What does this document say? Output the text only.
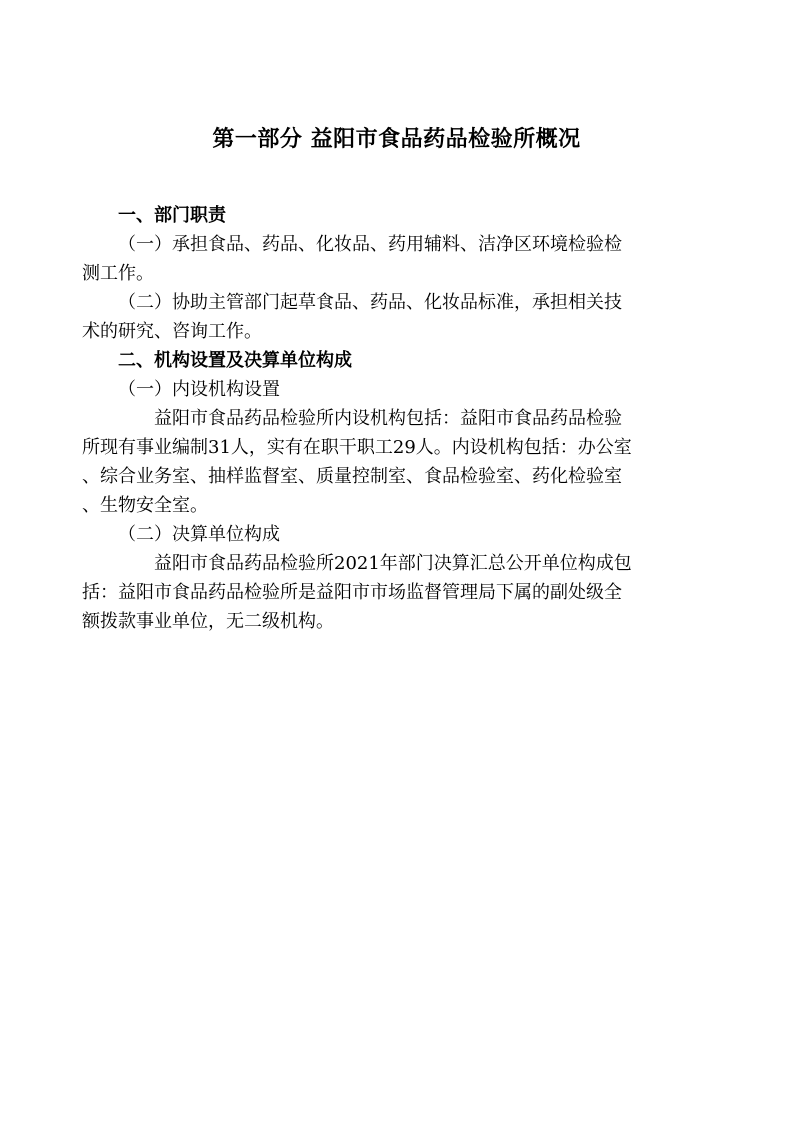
第一部分 益阳市食品药品检验所概况
一、部门职责
（一）承担食品、药品、化妆品、药用辅料、洁净区环境检验检
测工作。
（二）协助主管部门起草食品、药品、化妆品标准，承担相关技
术的研究、咨询工作。
二、机构设置及决算单位构成
（一）内设机构设置
益阳市食品药品检验所内设机构包括：益阳市食品药品检验
所现有事业编制31人，实有在职干职工29人。内设机构包括：办公室
、综合业务室、抽样监督室、质量控制室、食品检验室、药化检验室
、生物安全室。
（二）决算单位构成
益阳市食品药品检验所2021年部门决算汇总公开单位构成包
括：益阳市食品药品检验所是益阳市市场监督管理局下属的副处级全
额拨款事业单位，无二级机构。
